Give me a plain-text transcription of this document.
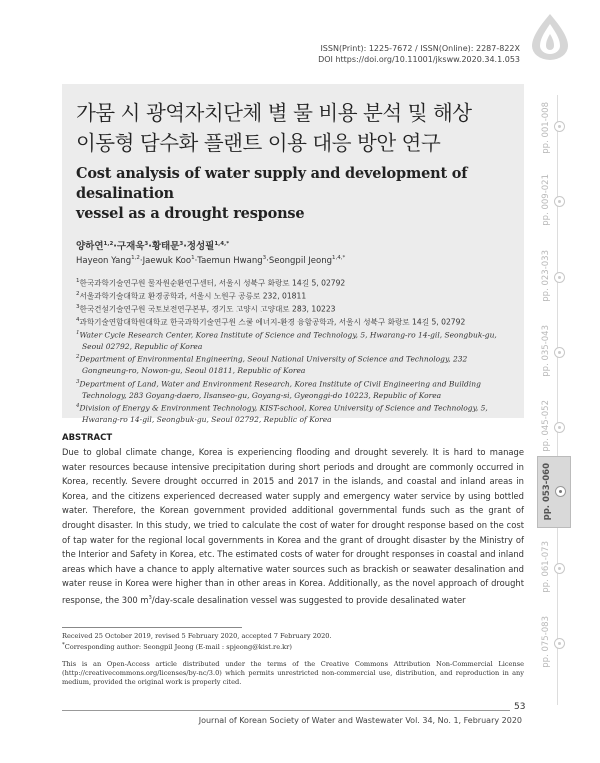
ISSN(Print): 1225-7672 / ISSN(Online): 2287-822X
DOI https://doi.org/10.11001/jksww.2020.34.1.053
가뭄 시 광역자치단체 별 물 비용 분석 및 해상
이동형 담수화 플랜트 이용 대응 방안 연구
Cost analysis of water supply and development of desalination
vessel as a drought response
양하연$^{1,2}$·구재욱$^3$·황태문$^3$·정성필$^{1,4,*}$
Hayeon Yang$^{1,2}$·Jaewuk Koo$^1$·Taemun Hwang$^3$·Seongpil Jeong$^{1,4,*}$
$^1$한국과학기술연구원 물자원순환연구센터, 서울시 성북구 화랑로 14길 5, 02792
$^2$서울과학기술대학교 환경공학과, 서울시 노원구 공릉로 232, 01811
$^3$한국건설기술연구원 국토보전연구본부, 경기도 고양시 고양대로 283, 10223
$^4$과학기술연합대학원대학교 한국과학기술연구원 스쿨 에너지-환경 융합공학과, 서울시 성북구 화랑로 14길 5, 02792
$^1$Water Cycle Research Center, Korea Institute of Science and Technology, 5, Hwarang-ro 14-gil, Seongbuk-gu, Seoul 02792, Republic of Korea
$^2$Department of Environmental Engineering, Seoul National University of Science and Technology, 232 Gongneung-ro, Nowon-gu, Seoul 01811, Republic of Korea
$^3$Department of Land, Water and Environment Research, Korea Institute of Civil Engineering and Building Technology, 283 Goyang-daero, Ilsanseo-gu, Goyang-si, Gyeonggi-do 10223, Republic of Korea
$^4$Division of Energy & Environment Technology, KIST-school, Korea University of Science and Technology, 5, Hwarang-ro 14-gil, Seongbuk-gu, Seoul 02792, Republic of Korea
ABSTRACT
Due to global climate change, Korea is experiencing flooding and drought severely. It is hard to manage water resources because intensive precipitation during short periods and drought are commonly occurred in Korea, recently. Severe drought occurred in 2015 and 2017 in the islands, and coastal and inland areas in Korea, and the citizens experienced decreased water supply and emergency water service by using bottled water. Therefore, the Korean government provided additional governmental funds such as the grant of drought disaster. In this study, we tried to calculate the cost of water for drought response based on the cost of tap water for the regional local governments in Korea and the grant of drought disaster by the Ministry of the Interior and Safety in Korea, etc. The estimated costs of water for drought responses in coastal and inland areas which have a chance to apply alternative water sources such as brackish or seawater desalination and water reuse in Korea were higher than in other areas in Korea. Additionally, as the novel approach of drought response, the 300 $m^3/day$-scale desalination vessel was suggested to provide desalinated water
Received 25 October 2019, revised 5 February 2020, accepted 7 February 2020.
*Corresponding author: Seongpil Jeong (E-mail : spjeong@kist.re.kr)
This is an Open-Access article distributed under the terms of the Creative Commons Attribution Non-Commercial License (http://creativecommons.org/licenses/by-nc/3.0) which permits unrestricted non-commercial use, distribution, and reproduction in any medium, provided the original work is properly cited.
53
Journal of Korean Society of Water and Wastewater Vol. 34, No. 1, February 2020
pp. 001-008
pp. 009-021
pp. 023-033
pp. 035-043
pp. 045-052
pp. 053-060
pp. 061-073
pp. 075-083
